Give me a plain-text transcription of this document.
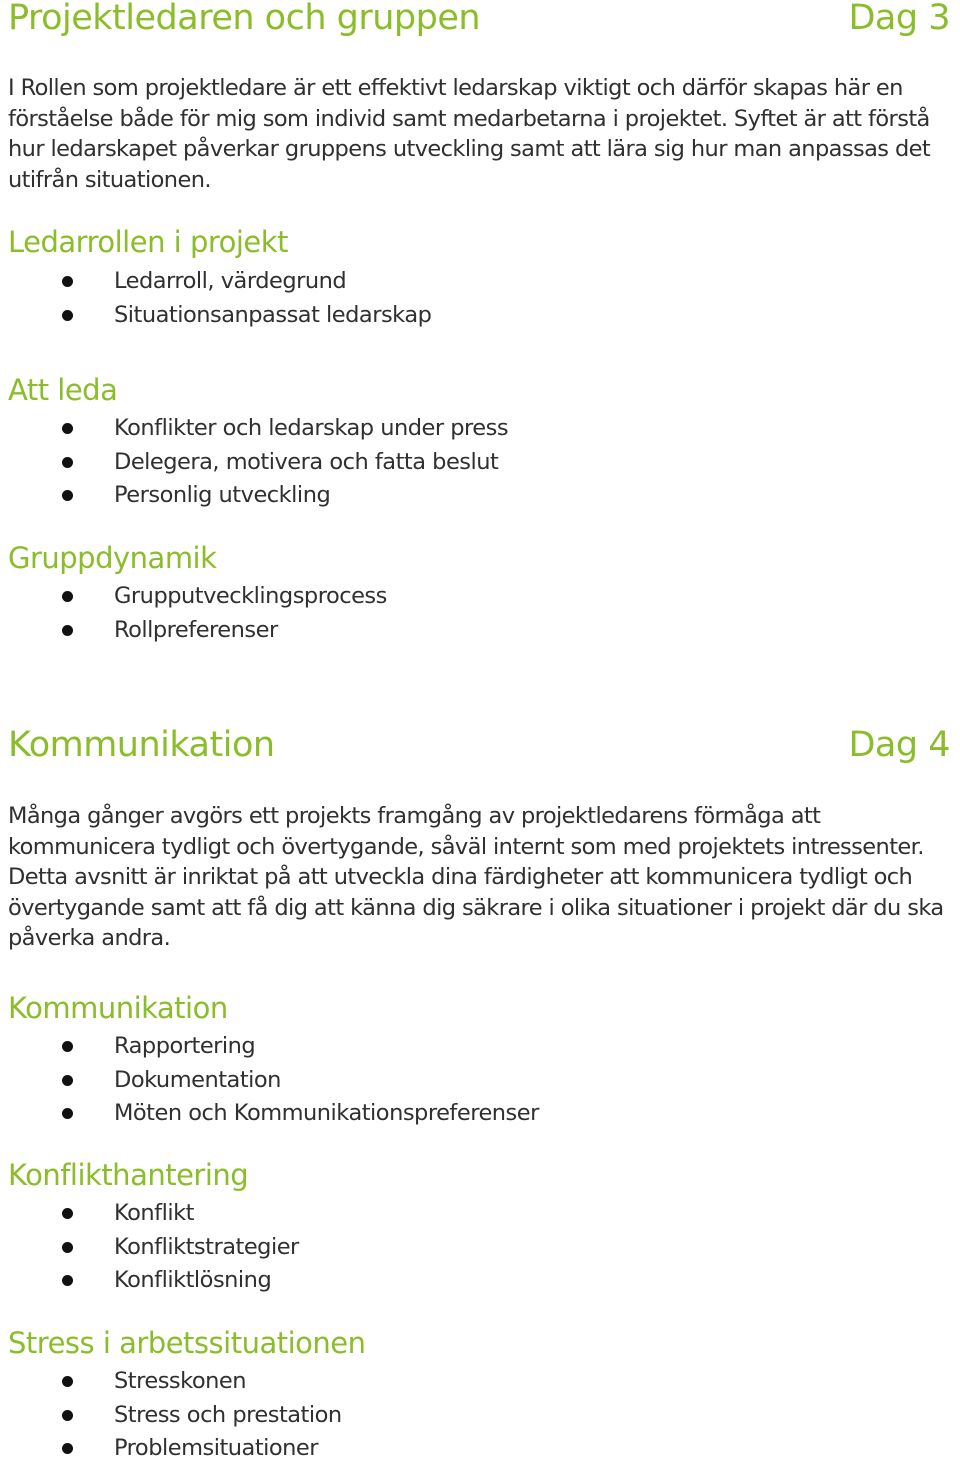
Projektledaren och gruppen	Dag 3
I Rollen som projektledare är ett effektivt ledarskap viktigt och därför skapas här en förståelse både för mig som individ samt medarbetarna i projektet. Syftet är att förstå hur ledarskapet påverkar gruppens utveckling samt att lära sig hur man anpassas det utifrån situationen.
Ledarrollen i projekt
Ledarroll, värdegrund
Situationsanpassat ledarskap
Att leda
Konflikter och ledarskap under press
Delegera, motivera och fatta beslut
Personlig utveckling
Gruppdynamik
Grupputvecklingsprocess
Rollpreferenser
Kommunikation	Dag 4
Många gånger avgörs ett projekts framgång av projektledarens förmåga att kommunicera tydligt och övertygande, såväl internt som med projektets intressenter. Detta avsnitt är inriktat på att utveckla dina färdigheter att kommunicera tydligt och övertygande samt att få dig att känna dig säkrare i olika situationer i projekt där du ska påverka andra.
Kommunikation
Rapportering
Dokumentation
Möten och Kommunikationspreferenser
Konflikthantering
Konflikt
Konfliktstrategier
Konfliktlösning
Stress i arbetssituationen
Stresskonen
Stress och prestation
Problemsituationer
